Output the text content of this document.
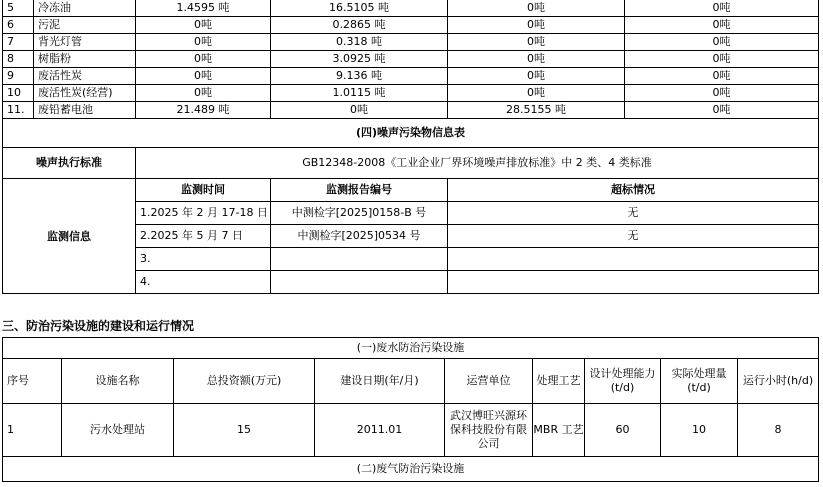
5	冷冻油	1.4595 吨	16.5105 吨	0吨	0吨
6	污泥	0吨	0.2865 吨	0吨	0吨
7	背光灯管	0吨	0.318 吨	0吨	0吨
8	树脂粉	0吨	3.0925 吨	0吨	0吨
9	废活性炭	0吨	9.136 吨	0吨	0吨
10	废活性炭(经营)	0吨	1.0115 吨	0吨	0吨
11.	废铅蓄电池	21.489 吨	0吨	28.5155 吨	0吨
(四)噪声污染物信息表					
噪声执行标准		GB12348-2008《工业企业厂界环境噪声排放标准》中 2 类、4 类标准			
监测信息		监测时间	监测报告编号	超标情况	
		1.2025 年 2 月 17-18 日	中测检字[2025]0158-B 号	无	
		2.2025 年 5 月 7 日	中测检字[2025]0534 号	无	
		3.			
		4.			
三、防治污染设施的建设和运行情况
(一)废水防治污染设施								
序号	设施名称	总投资额(万元)	建设日期(年/月)	运营单位	处理工艺	设计处理能力(t/d)	实际处理量(t/d)	运行小时(h/d)
1	污水处理站	15	2011.01	武汉博旺兴源环保科技股份有限公司	MBR 工艺	60	10	8
(二)废气防治污染设施								
